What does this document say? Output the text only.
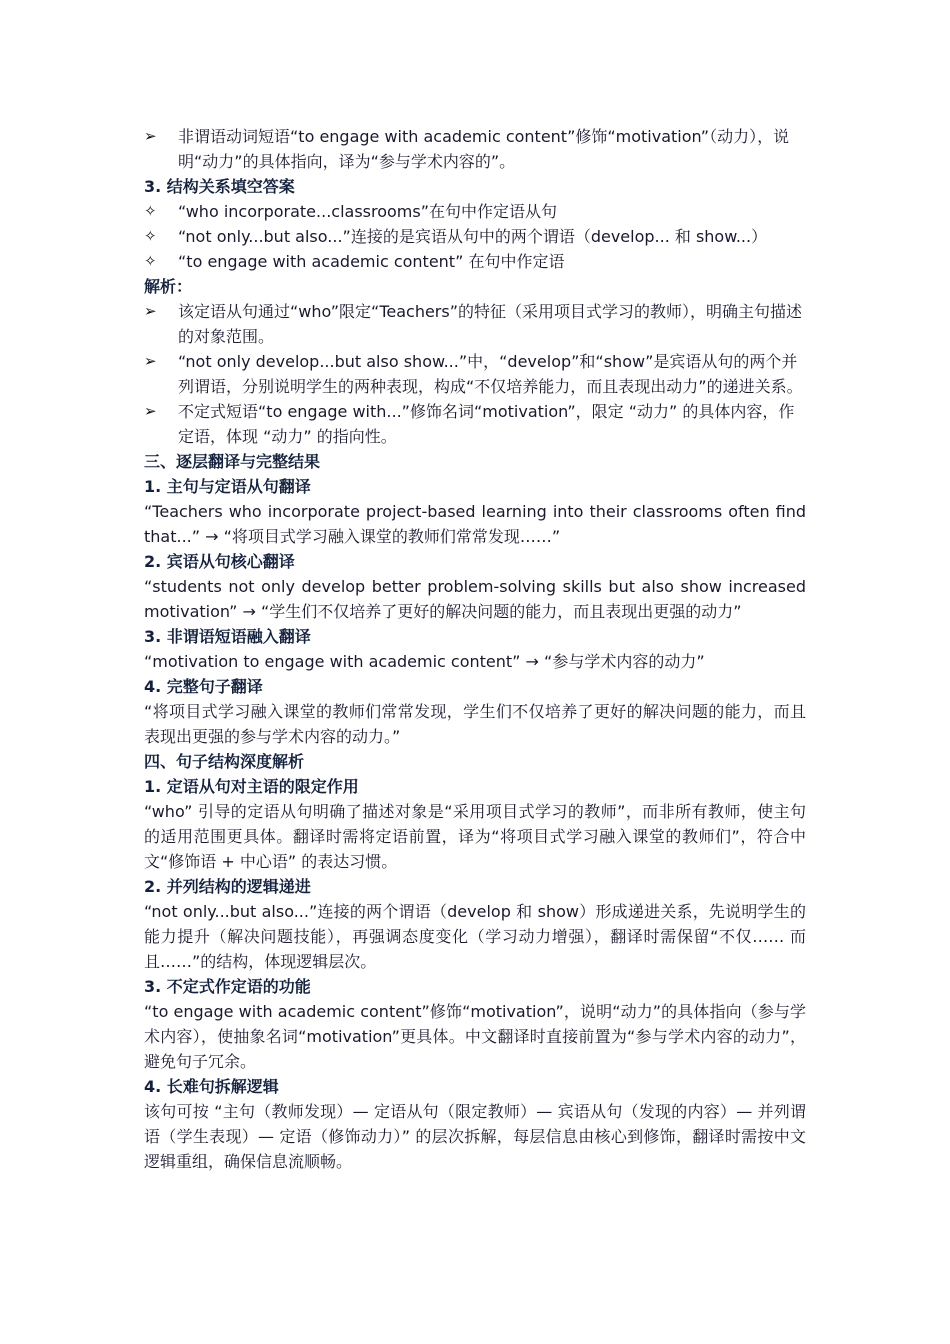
➢	非谓语动词短语“to engage with academic content”修饰“motivation”（动力），说明“动力”的具体指向，译为“参与学术内容的”。
3. 结构关系填空答案
✧	“who incorporate...classrooms”在句中作定语从句
✧	“not only...but also...”连接的是宾语从句中的两个谓语（develop... 和 show...）
✧	“to engage with academic content” 在句中作定语
解析：
➢	该定语从句通过“who”限定“Teachers”的特征（采用项目式学习的教师），明确主句描述的对象范围。
➢	“not only develop...but also show...”中，“develop”和“show”是宾语从句的两个并列谓语，分别说明学生的两种表现，构成“不仅培养能力，而且表现出动力”的递进关系。
➢	不定式短语“to engage with...”修饰名词“motivation”，限定 “动力” 的具体内容，作定语，体现 “动力” 的指向性。
三、逐层翻译与完整结果
1. 主句与定语从句翻译
“Teachers who incorporate project-based learning into their classrooms often find that...” → “将项目式学习融入课堂的教师们常常发现……”
2. 宾语从句核心翻译
“students not only develop better problem-solving skills but also show increased motivation” → “学生们不仅培养了更好的解决问题的能力，而且表现出更强的动力”
3. 非谓语短语融入翻译
“motivation to engage with academic content” → “参与学术内容的动力”
4. 完整句子翻译
“将项目式学习融入课堂的教师们常常发现，学生们不仅培养了更好的解决问题的能力，而且表现出更强的参与学术内容的动力。”
四、句子结构深度解析
1. 定语从句对主语的限定作用
“who” 引导的定语从句明确了描述对象是“采用项目式学习的教师”，而非所有教师，使主句的适用范围更具体。翻译时需将定语前置，译为“将项目式学习融入课堂的教师们”，符合中文“修饰语 + 中心语” 的表达习惯。
2. 并列结构的逻辑递进
“not only...but also...”连接的两个谓语（develop 和 show）形成递进关系，先说明学生的能力提升（解决问题技能），再强调态度变化（学习动力增强），翻译时需保留“不仅…… 而且……”的结构，体现逻辑层次。
3. 不定式作定语的功能
“to engage with academic content”修饰“motivation”，说明“动力”的具体指向（参与学术内容），使抽象名词“motivation”更具体。中文翻译时直接前置为“参与学术内容的动力”，避免句子冗余。
4. 长难句拆解逻辑
该句可按 “主句（教师发现）— 定语从句（限定教师）— 宾语从句（发现的内容）— 并列谓语（学生表现）— 定语（修饰动力）” 的层次拆解，每层信息由核心到修饰，翻译时需按中文逻辑重组，确保信息流顺畅。
